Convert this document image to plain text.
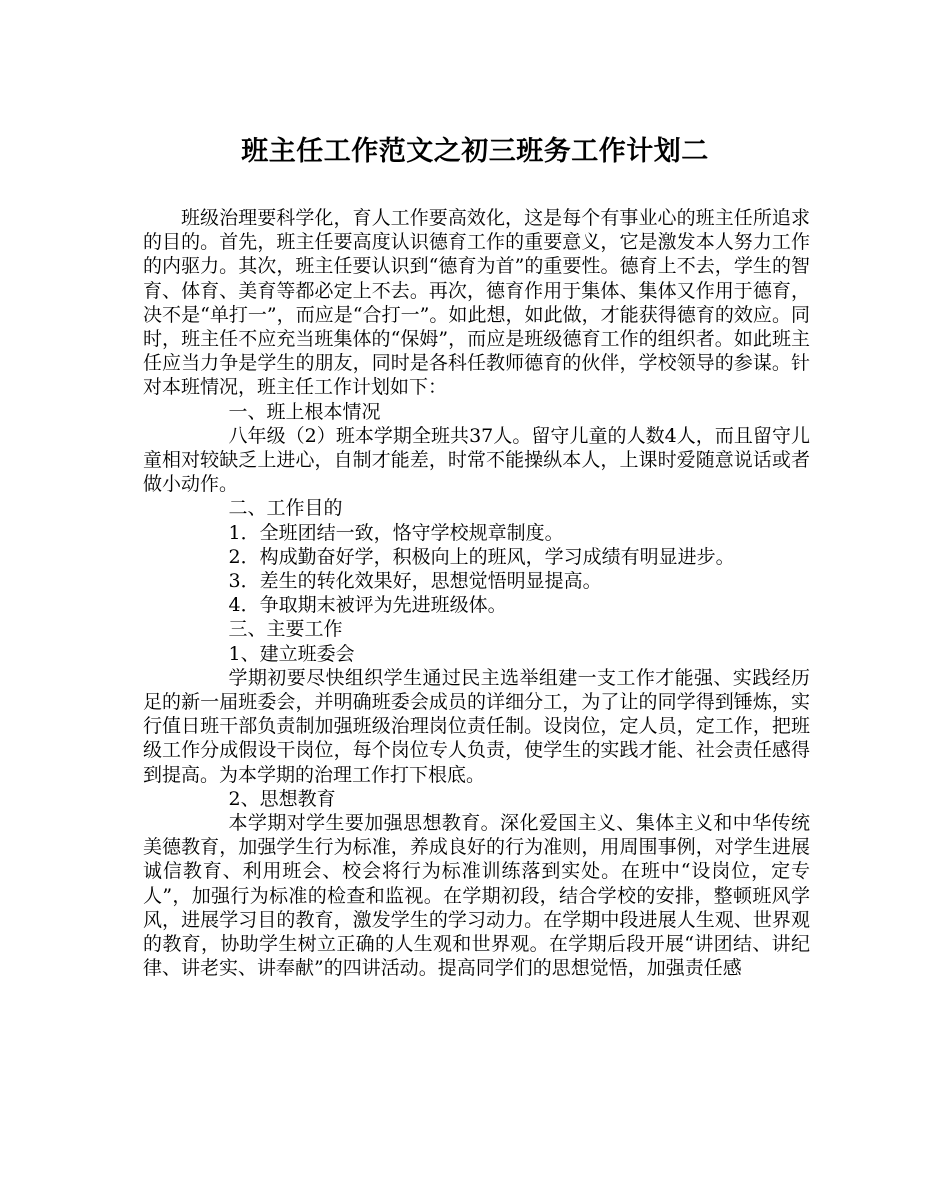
班主任工作范文之初三班务工作计划二

班级治理要科学化，育人工作要高效化，这是每个有事业心的班主任所追求的目的。首先，班主任要高度认识德育工作的重要意义，它是激发本人努力工作的内驱力。其次，班主任要认识到“德育为首”的重要性。德育上不去，学生的智育、体育、美育等都必定上不去。再次，德育作用于集体、集体又作用于德育，决不是“单打一”，而应是“合打一”。如此想，如此做，才能获得德育的效应。同时，班主任不应充当班集体的“保姆”，而应是班级德育工作的组织者。如此班主任应当力争是学生的朋友，同时是各科任教师德育的伙伴，学校领导的参谋。针对本班情况，班主任工作计划如下：

一、班上根本情况

八年级（2）班本学期全班共37人。留守儿童的人数4人，而且留守儿童相对较缺乏上进心，自制才能差，时常不能操纵本人，上课时爱随意说话或者做小动作。

二、工作目的

1．全班团结一致，恪守学校规章制度。

2．构成勤奋好学，积极向上的班风，学习成绩有明显进步。

3．差生的转化效果好，思想觉悟明显提高。

4．争取期末被评为先进班级体。

三、主要工作

1、建立班委会

学期初要尽快组织学生通过民主选举组建一支工作才能强、实践经历足的新一届班委会，并明确班委会成员的详细分工，为了让的同学得到锤炼，实行值日班干部负责制加强班级治理岗位责任制。设岗位，定人员，定工作，把班级工作分成假设干岗位，每个岗位专人负责，使学生的实践才能、社会责任感得到提高。为本学期的治理工作打下根底。

2、思想教育

本学期对学生要加强思想教育。深化爱国主义、集体主义和中华传统美德教育，加强学生行为标准，养成良好的行为准则，用周围事例，对学生进展诚信教育、利用班会、校会将行为标准训练落到实处。在班中“设岗位，定专人”，加强行为标准的检查和监视。在学期初段，结合学校的安排，整顿班风学风，进展学习目的教育，激发学生的学习动力。在学期中段进展人生观、世界观的教育，协助学生树立正确的人生观和世界观。在学期后段开展“讲团结、讲纪律、讲老实、讲奉献”的四讲活动。提高同学们的思想觉悟，加强责任感
